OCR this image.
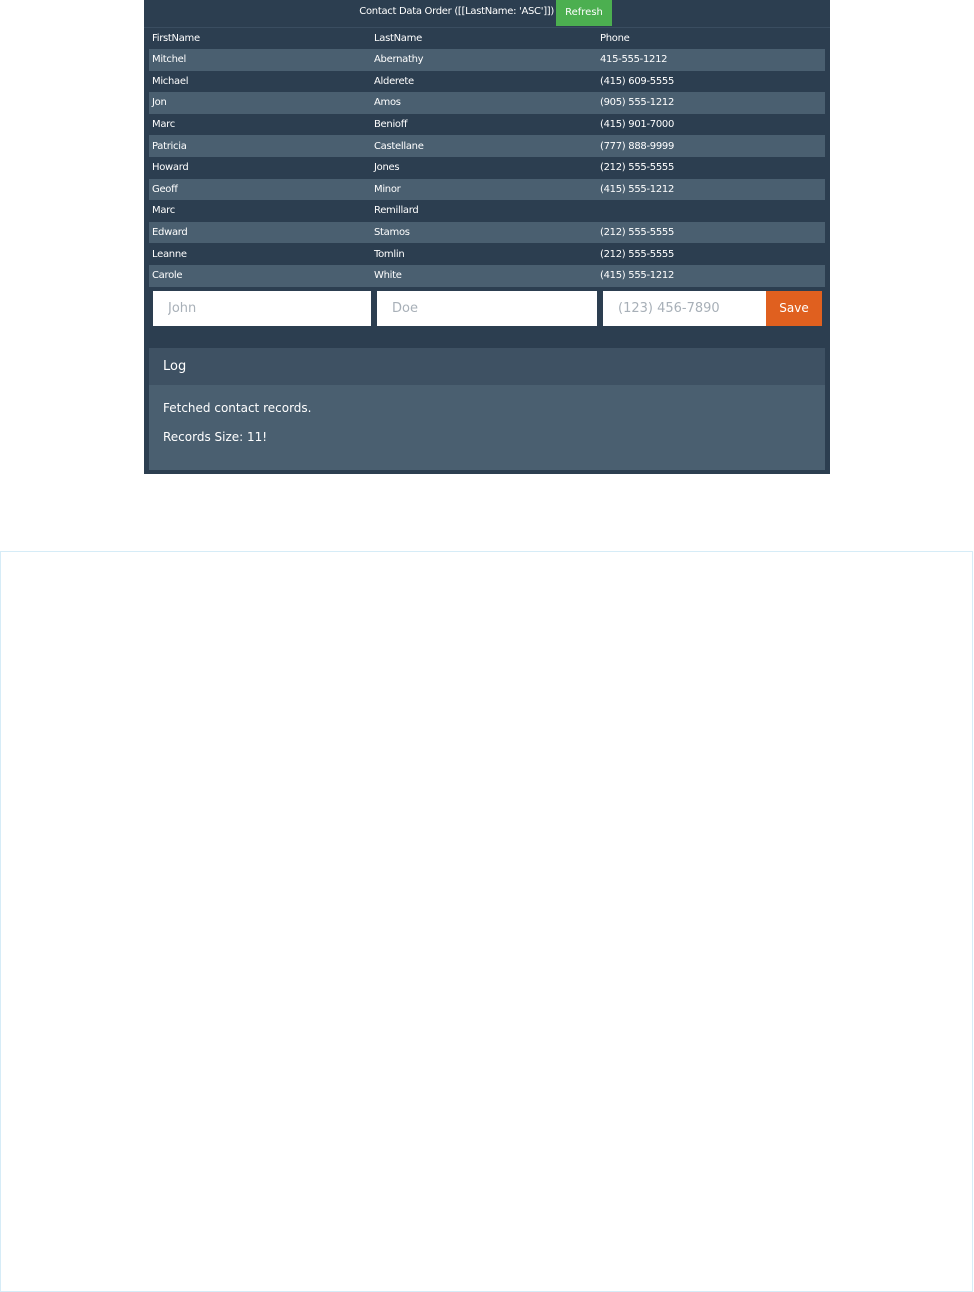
Contact Data Order ([[LastName: 'ASC']])	Refresh
FirstName	LastName	Phone
Mitchel	Abernathy	415-555-1212
Michael	Alderete	(415) 609-5555
Jon	Amos	(905) 555-1212
Marc	Benioff	(415) 901-7000
Patricia	Castellane	(777) 888-9999
Howard	Jones	(212) 555-5555
Geoff	Minor	(415) 555-1212
Marc	Remillard
Edward	Stamos	(212) 555-5555
Leanne	Tomlin	(212) 555-5555
Carole	White	(415) 555-1212
John
Doe
(123) 456-7890
Save
Log
Fetched contact records.
Records Size: 11!
